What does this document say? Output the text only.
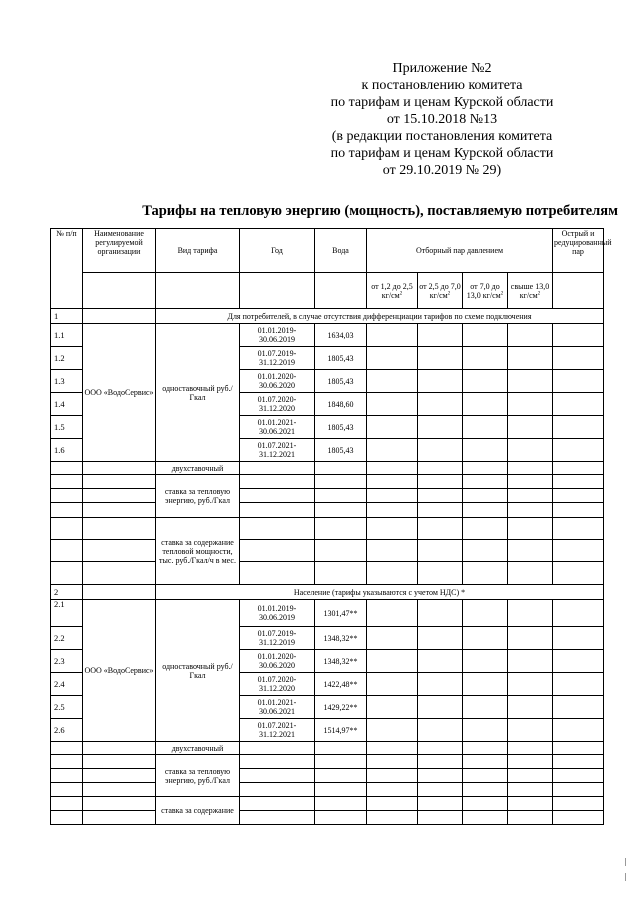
Приложение №2
к постановлению комитета
по тарифам и ценам Курской области
от 15.10.2018 №13
(в редакции постановления комитета
по тарифам и ценам Курской области
от 29.10.2019 № 29)
Тарифы на тепловую энергию (мощность), поставляемую потребителям
№ п/п	Наименование регулируемой организации	Вид тарифа	Год	Вода	Отборный пар давлением				Острый и редуцированный пар
					от 1,2 до 2,5 $кг/см^2$	от 2,5 до 7,0 $кг/см^2$	от 7,0 до 13,0 $кг/см^2$	свыше 13,0 $кг/см^2$	
1		Для потребителей, в случае отсутствия дифференциации тарифов по схеме подключения							
1.1	ООО «ВодоСервис»	одноставочный руб./Гкал	01.01.2019-30.06.2019	1634,03					
1.2			01.07.2019-31.12.2019	1805,43					
1.3			01.01.2020-30.06.2020	1805,43					
1.4			01.07.2020-31.12.2020	1848,60					
1.5			01.01.2021-30.06.2021	1805,43					
1.6			01.07.2021-31.12.2021	1805,43					
		двухставочный							
		ставка за тепловую энергию, руб./Гкал							

		ставка за содержание тепловой мощности, тыс. руб./Гкал/ч в мес.							

2		Население (тарифы указываются с учетом НДС) *							
2.1	ООО «ВодоСервис»	одноставочный руб./Гкал	01.01.2019-30.06.2019	1301,47**					
2.2			01.07.2019-31.12.2019	1348,32**					
2.3			01.01.2020-30.06.2020	1348,32**					
2.4			01.07.2020-31.12.2020	1422,48**					
2.5			01.01.2021-30.06.2021	1429,22**					
2.6			01.07.2021-31.12.2021	1514,97**					
		двухставочный							
		ставка за тепловую энергию, руб./Гкал							

		ставка за содержание							
